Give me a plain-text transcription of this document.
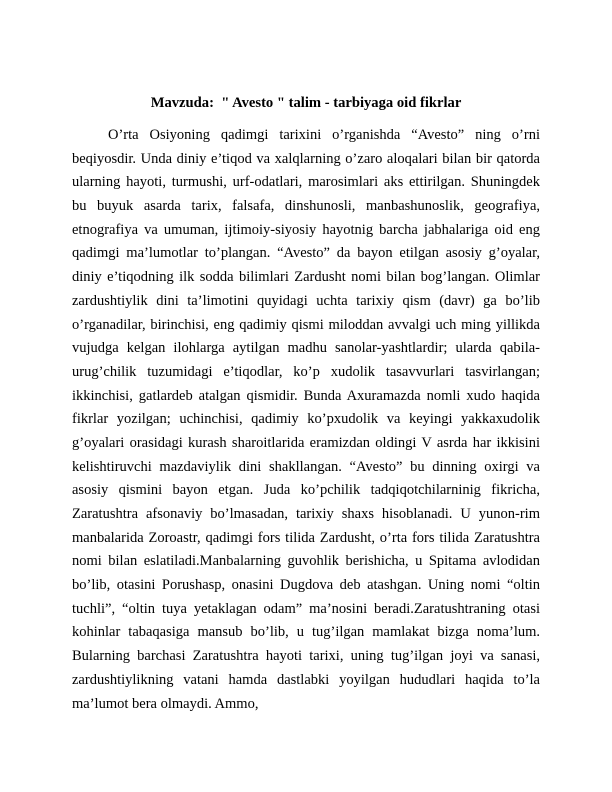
Mavzuda:  " Avesto " talim - tarbiyaga oid fikrlar

O’rta Osiyoning qadimgi tarixini o’rganishda “Avesto” ning o’rni beqiyosdir. Unda diniy e’tiqod va xalqlarning o’zaro aloqalari bilan bir qatorda ularning hayoti, turmushi, urf-odatlari, marosimlari aks ettirilgan. Shuningdek bu buyuk asarda tarix, falsafa, dinshunosli, manbashunoslik, geografiya, etnografiya va umuman, ijtimoiy-siyosiy hayotnig barcha jabhalariga oid eng qadimgi ma’lumotlar to’plangan. “Avesto” da bayon etilgan asosiy g’oyalar, diniy e’tiqodning ilk sodda bilimlari Zardusht nomi bilan bog’langan. Olimlar zardushtiylik dini ta’limotini quyidagi uchta tarixiy qism (davr) ga bo’lib o’rganadilar, birinchisi, eng qadimiy qismi miloddan avvalgi uch ming yillikda vujudga kelgan ilohlarga aytilgan madhu sanolar-yashtlardir; ularda qabila-urug’chilik tuzumidagi e’tiqodlar, ko’p xudolik tasavvurlari tasvirlangan; ikkinchisi, gatlardeb atalgan qismidir. Bunda Axuramazda nomli xudo haqida fikrlar yozilgan; uchinchisi, qadimiy ko’pxudolik va keyingi yakkaxudolik g’oyalari orasidagi kurash sharoitlarida eramizdan oldingi V asrda har ikkisini kelishtiruvchi mazdaviylik dini shakllangan. “Avesto” bu dinning oxirgi va asosiy qismini bayon etgan. Juda ko’pchilik tadqiqotchilarninig fikricha, Zaratushtra afsonaviy bo’lmasadan, tarixiy shaxs hisoblanadi. U yunon-rim manbalarida Zoroastr, qadimgi fors tilida Zardusht, o’rta fors tilida Zaratushtra nomi bilan eslatiladi.Manbalarning guvohlik berishicha, u Spitama avlodidan bo’lib, otasini Porushasp, onasini Dugdova deb atashgan. Uning nomi “oltin tuchli”, “oltin tuya yetaklagan odam” ma’nosini beradi.Zaratushtraning otasi kohinlar tabaqasiga mansub bo’lib, u tug’ilgan mamlakat bizga noma’lum. Bularning barchasi Zaratushtra hayoti tarixi, uning tug’ilgan joyi va sanasi, zardushtiylikning vatani hamda dastlabki yoyilgan hududlari haqida to’la ma’lumot bera olmaydi. Ammo,
